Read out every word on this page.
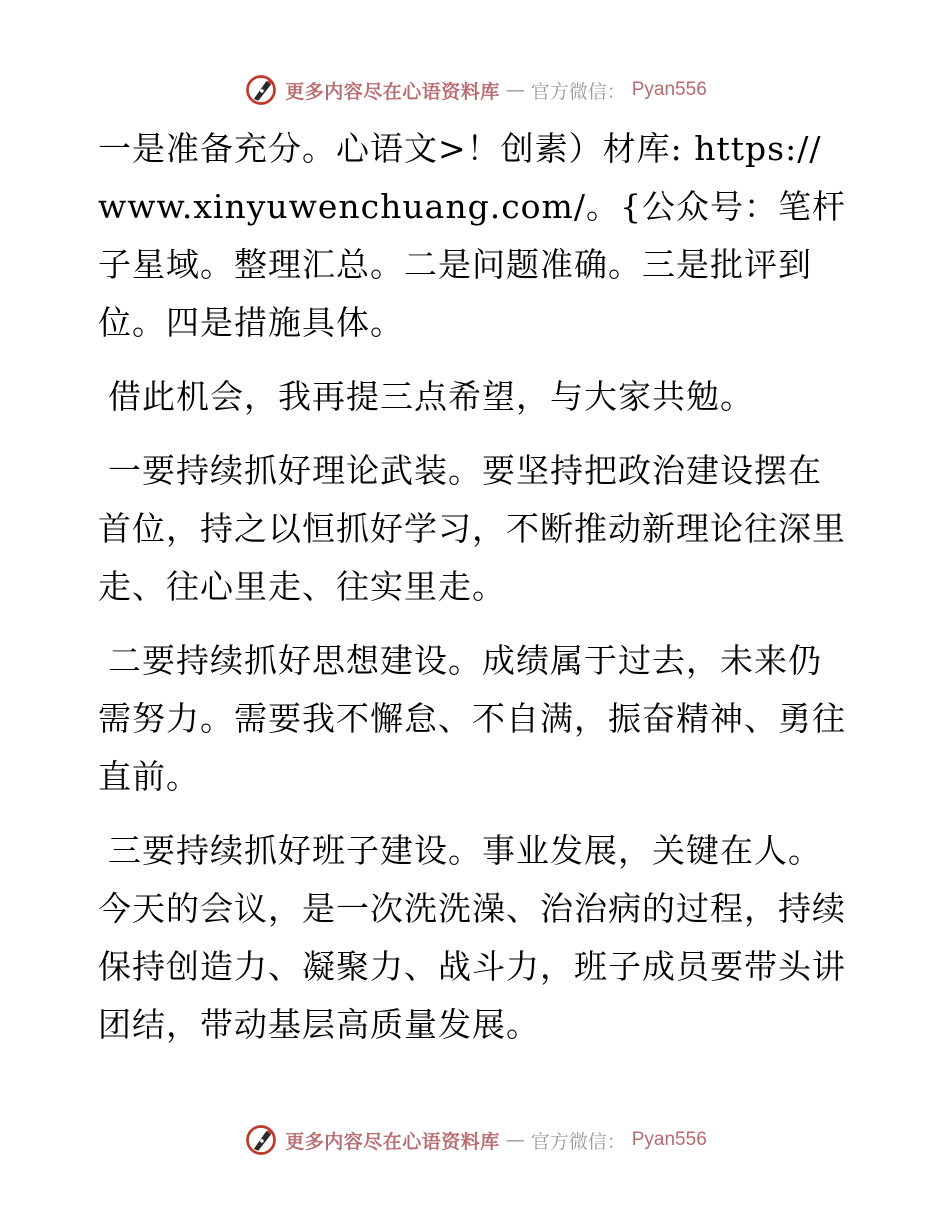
更多内容尽在心语资料库 — 官方微信： Pyan556

一是准备充分。心语文>！创素）材库: https://www.xinyuwenchuang.com/。{公众号：笔杆子星域。整理汇总。二是问题准确。三是批评到位。四是措施具体。

借此机会，我再提三点希望，与大家共勉。

一要持续抓好理论武装。要坚持把政治建设摆在首位，持之以恒抓好学习，不断推动新理论往深里走、往心里走、往实里走。

二要持续抓好思想建设。成绩属于过去，未来仍需努力。需要我不懈怠、不自满，振奋精神、勇往直前。

三要持续抓好班子建设。事业发展，关键在人。今天的会议，是一次洗洗澡、治治病的过程，持续保持创造力、凝聚力、战斗力，班子成员要带头讲团结，带动基层高质量发展。

更多内容尽在心语资料库 — 官方微信： Pyan556
